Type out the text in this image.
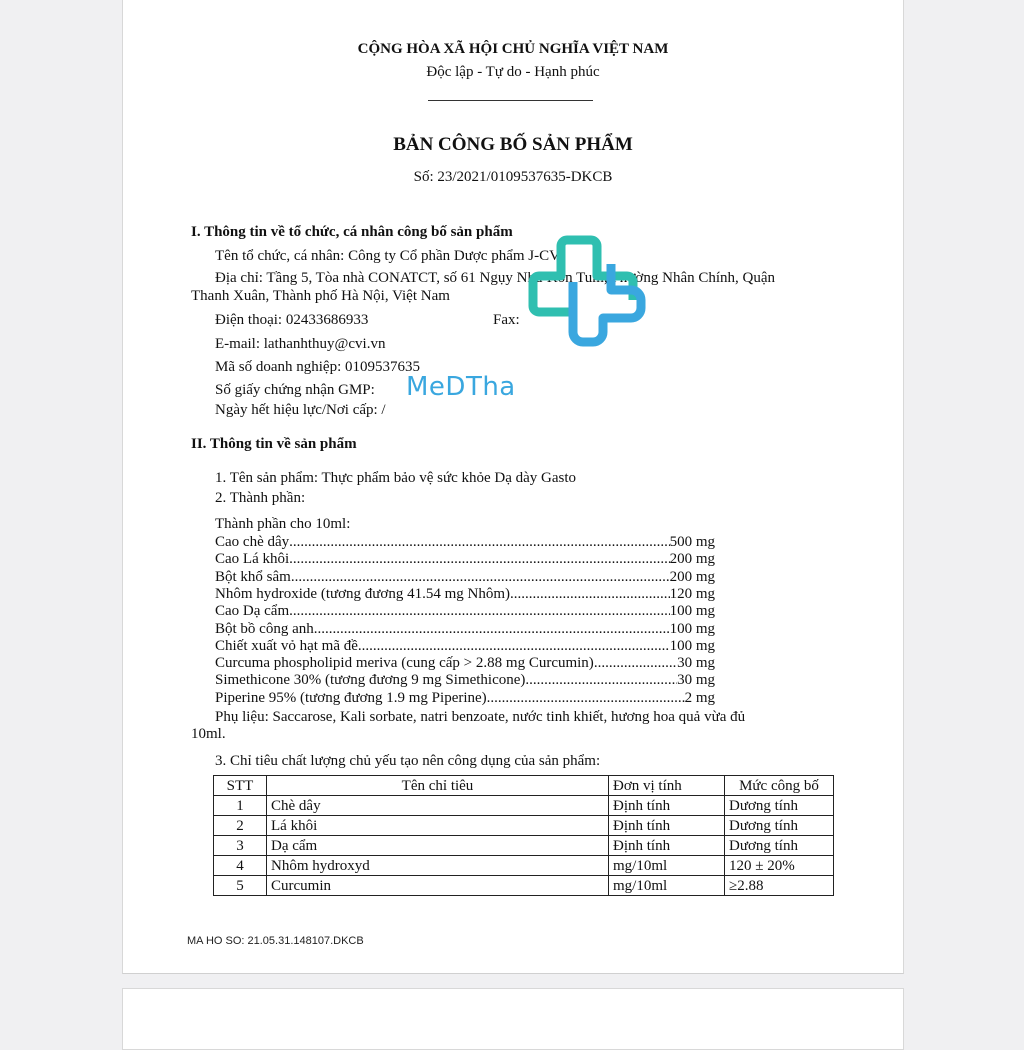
CỘNG HÒA XÃ HỘI CHỦ NGHĨA VIỆT NAM
Độc lập - Tự do - Hạnh phúc
BẢN CÔNG BỐ SẢN PHẨM
Số: 23/2021/0109537635-DKCB
I. Thông tin về tổ chức, cá nhân công bố sản phẩm
Tên tổ chức, cá nhân: Công ty Cổ phần Dược phẩm J-CVI
Địa chỉ: Tầng 5, Tòa nhà CONATCT, số 61 Ngụy Như Kon Tum, Phường Nhân Chính, Quận
Thanh Xuân, Thành phố Hà Nội, Việt Nam
Điện thoại: 02433686933	Fax:
E-mail: lathanhthuy@cvi.vn
Mã số doanh nghiệp: 0109537635
Số giấy chứng nhận GMP:
Ngày hết hiệu lực/Nơi cấp: /
II. Thông tin về sản phẩm
1. Tên sản phẩm: Thực phẩm bảo vệ sức khỏe Dạ dày Gasto
2. Thành phần:
Thành phần cho 10ml:
Cao chè dây .....	500 mg
Cao Lá khôi .....	200 mg
Bột khổ sâm .....	200 mg
Nhôm hydroxide (tương đương 41.54 mg Nhôm) .....	120 mg
Cao Dạ cẩm .....	100 mg
Bột bồ công anh .....	100 mg
Chiết xuất vỏ hạt mã đề .....	100 mg
Curcuma phospholipid meriva (cung cấp > 2.88 mg Curcumin) .....	30 mg
Simethicone 30% (tương đương 9 mg Simethicone) .....	30 mg
Piperine 95% (tương đương 1.9 mg Piperine) .....	2 mg
Phụ liệu: Saccarose, Kali sorbate, natri benzoate, nước tinh khiết, hương hoa quả vừa đủ
10ml.
3. Chỉ tiêu chất lượng chủ yếu tạo nên công dụng của sản phẩm:
STT	Tên chỉ tiêu	Đơn vị tính	Mức công bố
1	Chè dây	Định tính	Dương tính
2	Lá khôi	Định tính	Dương tính
3	Dạ cẩm	Định tính	Dương tính
4	Nhôm hydroxyd	mg/10ml	120 ± 20%
5	Curcumin	mg/10ml	≥2.88
MA HO SO: 21.05.31.148107.DKCB
MeDTha
